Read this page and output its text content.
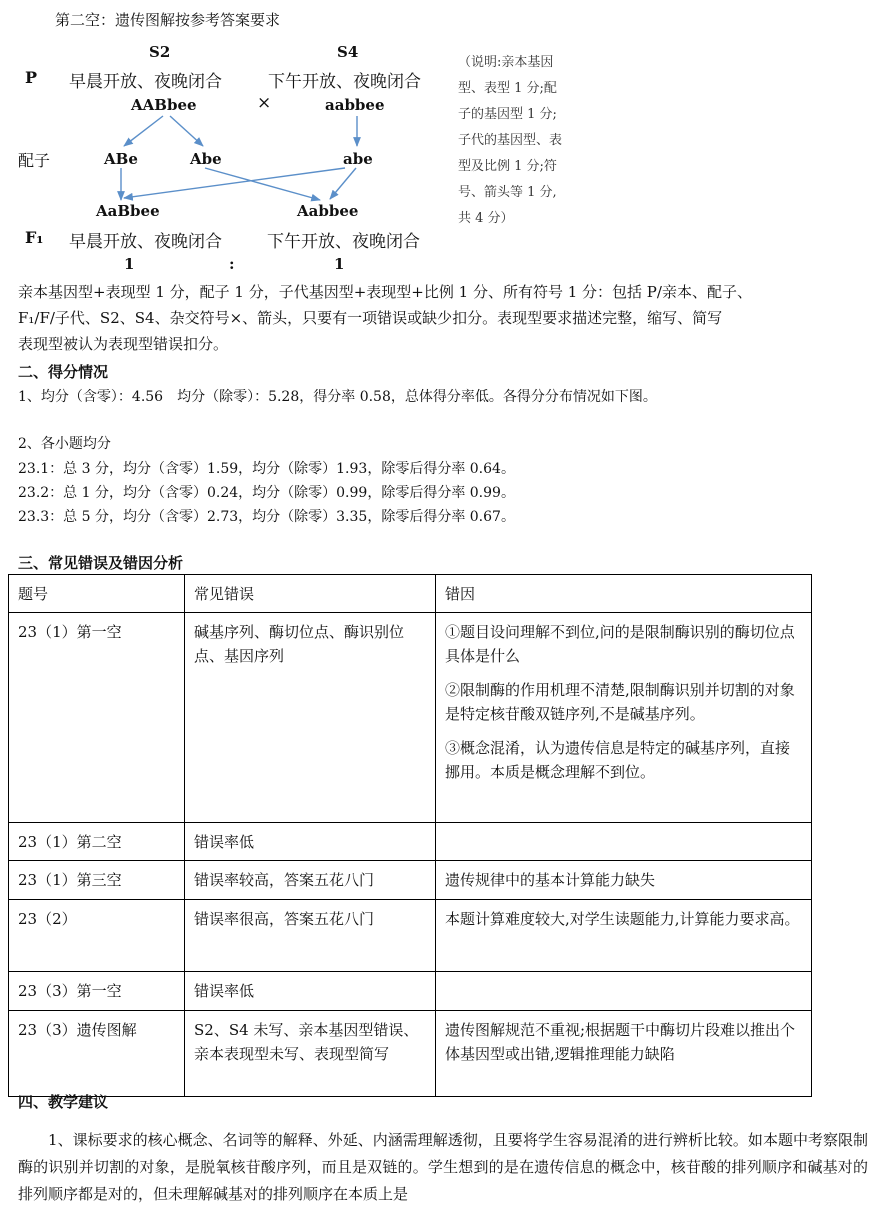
第二空：遗传图解按参考答案要求
S2	S4
P 早晨开放、夜晚闭合	下午开放、夜晚闭合
AABbee	×	aabbee
配子	ABe	Abe	abe
AaBbee	Aabbee
F₁ 早晨开放、夜晚闭合	下午开放、夜晚闭合
1	:	1
（说明:亲本基因
型、表型 1 分;配
子的基因型 1 分;
子代的基因型、表
型及比例 1 分;符
号、箭头等 1 分,
共 4 分）

亲本基因型+表现型 1 分，配子 1 分，子代基因型+表现型+比例 1 分、所有符号 1 分：包括 P/亲本、配子、

F₁/F/子代、S2、S4、杂交符号×、箭头，只要有一项错误或缺少扣分。表现型要求描述完整，缩写、简写

表现型被认为表现型错误扣分。

二、得分情况
1、均分（含零）：4.56　均分（除零）：5.28，得分率 0.58，总体得分率低。各得分分布情况如下图。
2、各小题均分
23.1：总 3 分，均分（含零）1.59，均分（除零）1.93，除零后得分率 0.64。
23.2：总 1 分，均分（含零）0.24，均分（除零）0.99，除零后得分率 0.99。
23.3：总 5 分，均分（含零）2.73，均分（除零）3.35，除零后得分率 0.67。
三、常见错误及错因分析
题号	常见错误	错因
23（1）第一空	碱基序列、酶切位点、酶识别位点、基因序列	①题目设问理解不到位,问的是限制酶识别的酶切位点具体是什么

②限制酶的作用机理不清楚,限制酶识别并切割的对象是特定核苷酸双链序列,不是碱基序列。

③概念混淆，认为遗传信息是特定的碱基序列，直接挪用。本质是概念理解不到位。

23（1）第二空	错误率低	
23（1）第三空	错误率较高，答案五花八门	遗传规律中的基本计算能力缺失
23（2）	错误率很高，答案五花八门	本题计算难度较大,对学生读题能力,计算能力要求高。
23（3）第一空	错误率低	
23（3）遗传图解	S2、S4 未写、亲本基因型错误、亲本表现型未写、表现型简写	遗传图解规范不重视;根据题干中酶切片段难以推出个体基因型或出错,逻辑推理能力缺陷
四、教学建议
　　1、课标要求的核心概念、名词等的解释、外延、内涵需理解透彻，且要将学生容易混淆的进行辨析比较。如本题中考察限制酶的识别并切割的对象，是脱氧核苷酸序列，而且是双链的。学生想到的是在遗传信息的概念中，核苷酸的排列顺序和碱基对的排列顺序都是对的，但未理解碱基对的排列顺序在本质上是
